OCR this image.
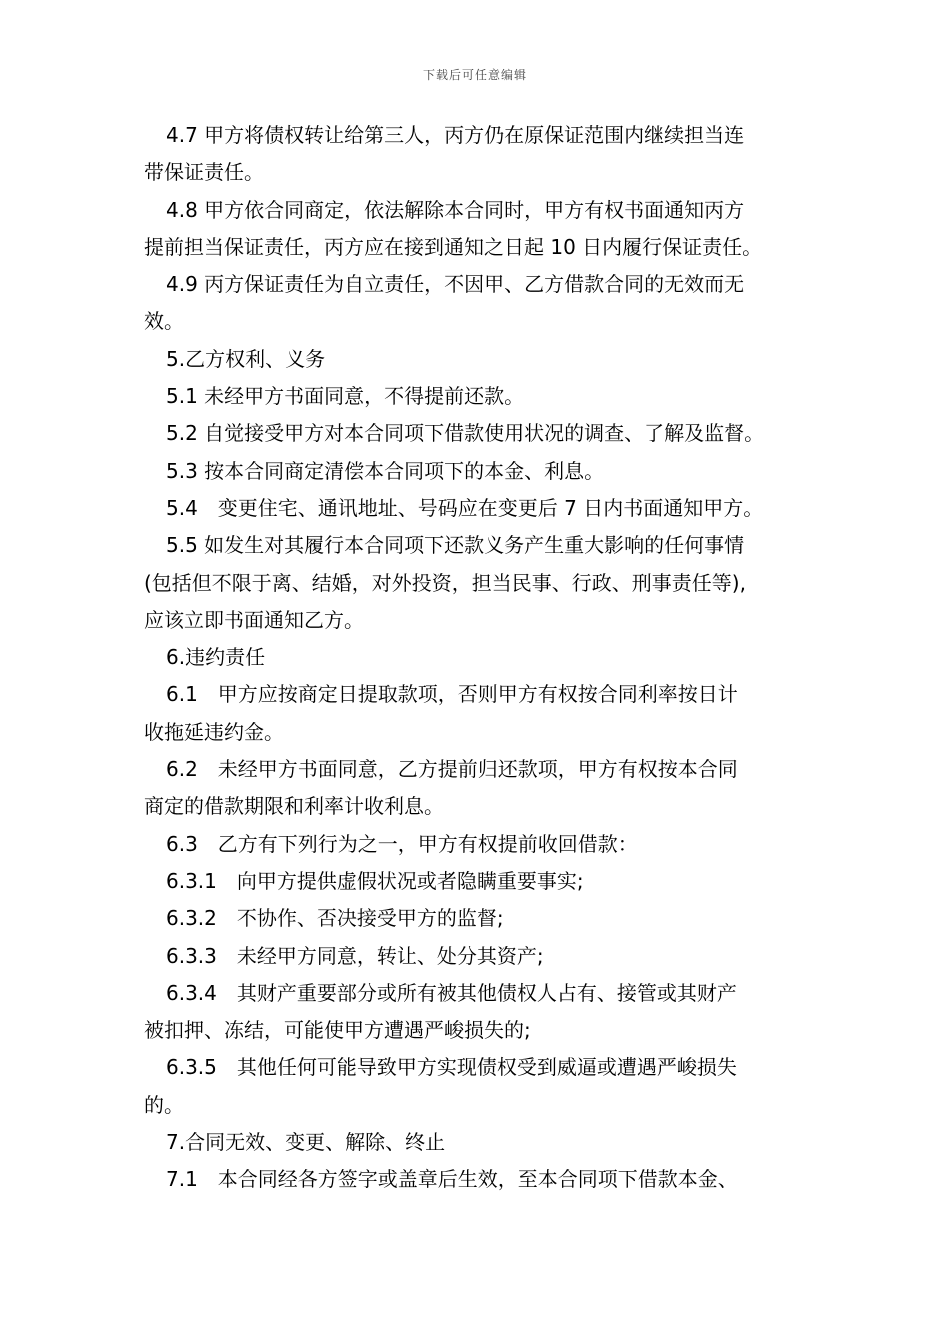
下载后可任意编辑
4.7 甲方将债权转让给第三人，丙方仍在原保证范围内继续担当连
带保证责任。
4.8 甲方依合同商定，依法解除本合同时，甲方有权书面通知丙方
提前担当保证责任，丙方应在接到通知之日起 10 日内履行保证责任。
4.9 丙方保证责任为自立责任，不因甲、乙方借款合同的无效而无
效。
5.乙方权利、义务
5.1 未经甲方书面同意，不得提前还款。
5.2 自觉接受甲方对本合同项下借款使用状况的调查、了解及监督。
5.3 按本合同商定清偿本合同项下的本金、利息。
5.4　变更住宅、通讯地址、号码应在变更后 7 日内书面通知甲方。
5.5 如发生对其履行本合同项下还款义务产生重大影响的任何事情
(包括但不限于离、结婚，对外投资，担当民事、行政、刑事责任等),
应该立即书面通知乙方。
6.违约责任
6.1　甲方应按商定日提取款项，否则甲方有权按合同利率按日计
收拖延违约金。
6.2　未经甲方书面同意，乙方提前归还款项，甲方有权按本合同
商定的借款期限和利率计收利息。
6.3　乙方有下列行为之一，甲方有权提前收回借款：
6.3.1　向甲方提供虚假状况或者隐瞒重要事实;
6.3.2　不协作、否决接受甲方的监督;
6.3.3　未经甲方同意，转让、处分其资产;
6.3.4　其财产重要部分或所有被其他债权人占有、接管或其财产
被扣押、冻结，可能使甲方遭遇严峻损失的;
6.3.5　其他任何可能导致甲方实现债权受到威逼或遭遇严峻损失
的。
7.合同无效、变更、解除、终止
7.1　本合同经各方签字或盖章后生效，至本合同项下借款本金、
